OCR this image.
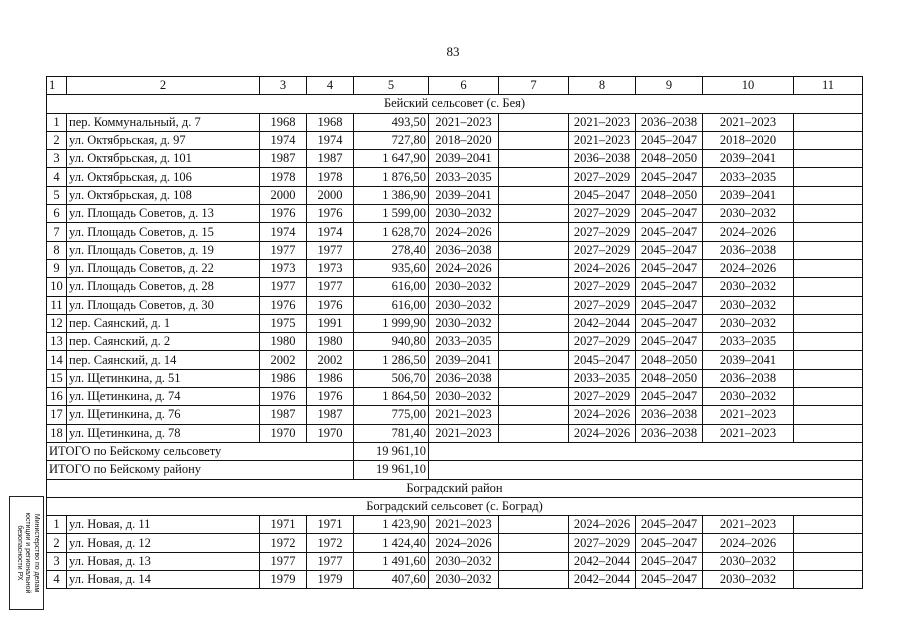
83
1	2	3	4	5	6	7	8	9	10	11
Бейский сельсовет (с. Бея)										
1	пер. Коммунальный, д. 7	1968	1968	493,50	2021–2023		2021–2023	2036–2038	2021–2023	
2	ул. Октябрьская, д. 97	1974	1974	727,80	2018–2020		2021–2023	2045–2047	2018–2020	
3	ул. Октябрьская, д. 101	1987	1987	1 647,90	2039–2041		2036–2038	2048–2050	2039–2041	
4	ул. Октябрьская, д. 106	1978	1978	1 876,50	2033–2035		2027–2029	2045–2047	2033–2035	
5	ул. Октябрьская, д. 108	2000	2000	1 386,90	2039–2041		2045–2047	2048–2050	2039–2041	
6	ул. Площадь Советов, д. 13	1976	1976	1 599,00	2030–2032		2027–2029	2045–2047	2030–2032	
7	ул. Площадь Советов, д. 15	1974	1974	1 628,70	2024–2026		2027–2029	2045–2047	2024–2026	
8	ул. Площадь Советов, д. 19	1977	1977	278,40	2036–2038		2027–2029	2045–2047	2036–2038	
9	ул. Площадь Советов, д. 22	1973	1973	935,60	2024–2026		2024–2026	2045–2047	2024–2026	
10	ул. Площадь Советов, д. 28	1977	1977	616,00	2030–2032		2027–2029	2045–2047	2030–2032	
11	ул. Площадь Советов, д. 30	1976	1976	616,00	2030–2032		2027–2029	2045–2047	2030–2032	
12	пер. Саянский, д. 1	1975	1991	1 999,90	2030–2032		2042–2044	2045–2047	2030–2032	
13	пер. Саянский, д. 2	1980	1980	940,80	2033–2035		2027–2029	2045–2047	2033–2035	
14	пер. Саянский, д. 14	2002	2002	1 286,50	2039–2041		2045–2047	2048–2050	2039–2041	
15	ул. Щетинкина, д. 51	1986	1986	506,70	2036–2038		2033–2035	2048–2050	2036–2038	
16	ул. Щетинкина, д. 74	1976	1976	1 864,50	2030–2032		2027–2029	2045–2047	2030–2032	
17	ул. Щетинкина, д. 76	1987	1987	775,00	2021–2023		2024–2026	2036–2038	2021–2023	
18	ул. Щетинкина, д. 78	1970	1970	781,40	2021–2023		2024–2026	2036–2038	2021–2023	
ИТОГО по Бейскому сельсовету				19 961,10						
ИТОГО по Бейскому району				19 961,10						
Боградский район										
Боградский сельсовет (с. Боград)										
1	ул. Новая, д. 11	1971	1971	1 423,90	2021–2023		2024–2026	2045–2047	2021–2023	
2	ул. Новая, д. 12	1972	1972	1 424,40	2024–2026		2027–2029	2045–2047	2024–2026	
3	ул. Новая, д. 13	1977	1977	1 491,60	2030–2032		2042–2044	2045–2047	2030–2032	
4	ул. Новая, д. 14	1979	1979	407,60	2030–2032		2042–2044	2045–2047	2030–2032	
Министерство по делам
юстиции и региональной
безопасности РХ
